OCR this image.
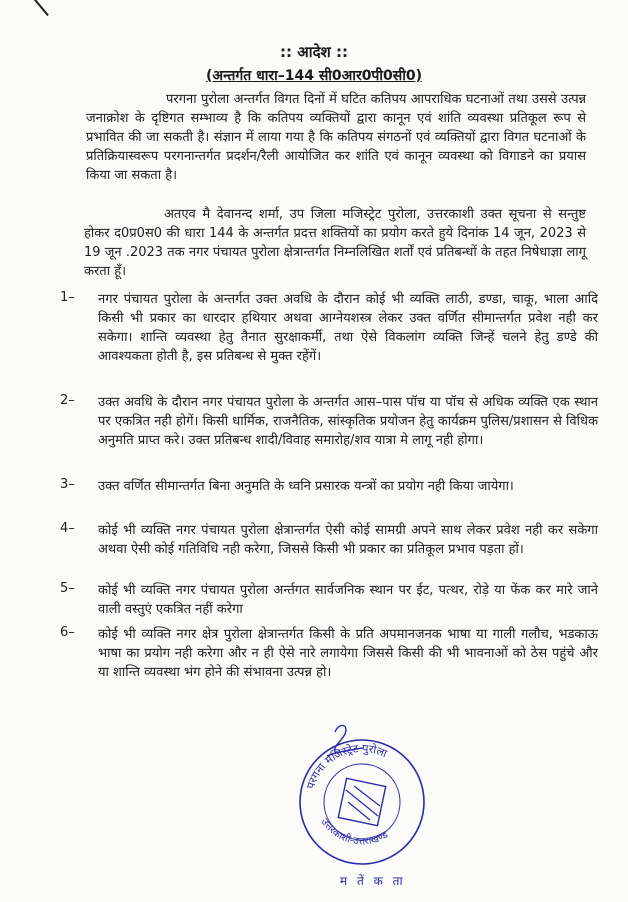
:: आदेश ::
(अन्तर्गत धारा–144 सी0आर0पी0सी0)
परगना पुरोला अन्तर्गत विगत दिनों में घटित कतिपय आपराधिक घटनाओं तथा उससे उत्पन्न जनाक्रोश के दृष्टिगत सम्भाव्य है कि कतिपय व्यक्तियों द्वारा कानून एवं शांति व्यवस्था प्रतिकूल रूप से प्रभावित की जा सकती है। संज्ञान में लाया गया है कि कतिपय संगठनों एवं व्यक्तियों द्वारा विगत घटनाओं के प्रतिक्रियास्वरूप परगनान्तर्गत प्रदर्शन/रैली आयोजित कर शांति एवं कानून व्यवस्था को विगाडने का प्रयास किया जा सकता है।
अतएव मै देवानन्द शर्मा, उप जिला मजिस्ट्रेट पुरोला, उत्तरकाशी उक्त सूचना से सन्तुष्ट होकर द0प्र0स0 की धारा 144 के अन्तर्गत प्रदत्त शक्तियों का प्रयोग करते हुये दिनांक 14 जून, 2023 से 19 जून .2023 तक नगर पंचायत पुरोला क्षेत्रान्तर्गत निम्नलिखित शर्तों एवं प्रतिबन्धों के तहत निषेधाज्ञा लागू करता हूँ।
1–	नगर पंचायत पुरोला के अन्तर्गत उक्त अवधि के दौरान कोई भी व्यक्ति लाठी, डण्डा, चाकू, भाला आदि किसी भी प्रकार का धारदार हथियार अथवा आग्नेयशस्त्र लेकर उक्त वर्णित सीमान्तर्गत प्रवेश नही कर सकेगा। शान्ति व्यवस्था हेतु तैनात सुरक्षाकर्मी, तथा ऐसे विकलांग व्यक्ति जिन्हें चलने हेतु डण्डे की आवश्यकता होती है, इस प्रतिबन्ध से मुक्त रहेंगें।
2–	उक्त अवधि के दौरान नगर पंचायत पुरोला के अन्तर्गत आस–पास पॉच या पॉच से अधिक व्यक्ति एक स्थान पर एकत्रित नही होगें। किसी धार्मिक, राजनैतिक, सांस्कृतिक प्रयोजन हेतु कार्यक्रम पुलिस/प्रशासन से विधिक अनुमति प्राप्त करे। उक्त प्रतिबन्ध शादी/विवाह समारोह/शव यात्रा मे लागू नही होगा।
3–	उक्त वर्णित सीमान्तर्गत बिना अनुमति के ध्वनि प्रसारक यन्त्रों का प्रयोग नही किया जायेगा।
4–	कोई भी व्यक्ति नगर पंचायत पुरोला क्षेत्रान्तर्गत ऐसी कोई सामग्री अपने साथ लेकर प्रवेश नही कर सकेगा अथवा ऐसी कोई गतिविधि नही करेगा, जिससे किसी भी प्रकार का प्रतिकूल प्रभाव पड़ता हों।
5–	कोई भी व्यक्ति नगर पंचायत पुरोला अर्न्तगत सार्वजनिक स्थान पर ईट, पत्थर, रोड़े या फेंक कर मारे जाने वाली वस्तुएं एकत्रित नहीं करेगा
6–	कोई भी व्यक्ति नगर क्षेत्र पुरोला क्षेत्रान्तर्गत किसी के प्रति अपमानजनक भाषा या गाली गलौच, भडकाऊ भाषा का प्रयोग नही करेगा और न ही ऐसे नारे लगायेगा जिससे किसी की भी भावनाओं को ठेस पहुंचे और या शान्ति व्यवस्था भंग होने की संभावना उत्पन्न हो।
परगना मजिस्ट्रेट पुरोला
उत्तरकाशी-उत्तराखण्ड
म तें क ता
